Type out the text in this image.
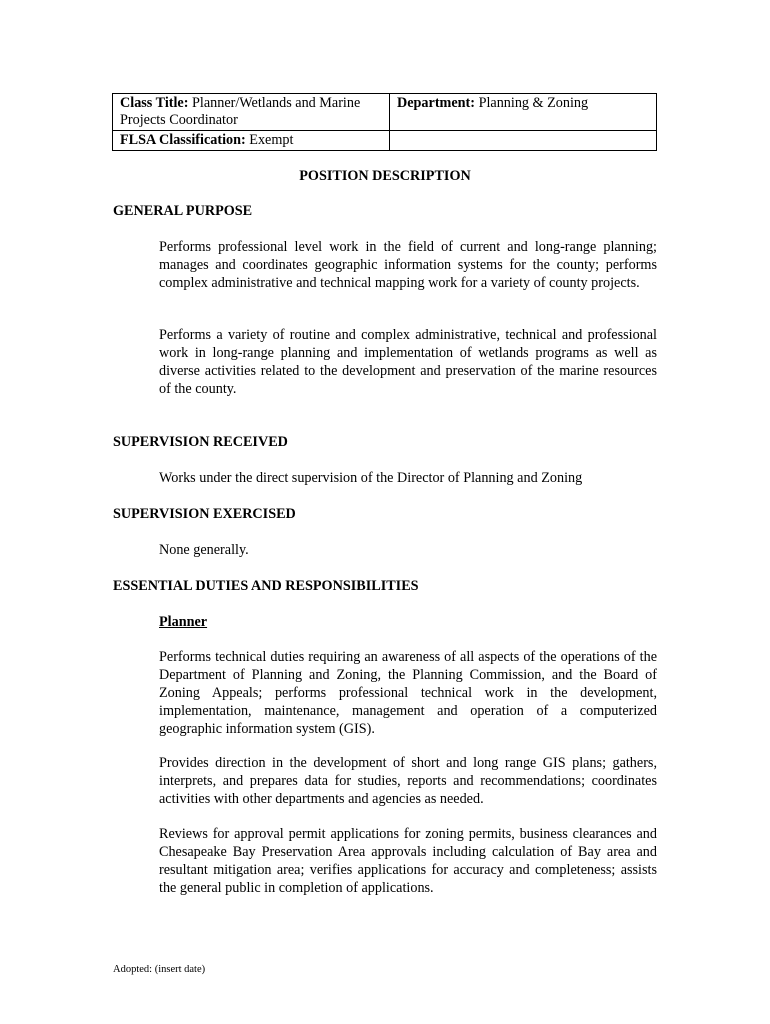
Class Title: Planner/Wetlands and Marine Projects Coordinator	Department: Planning & Zoning
FLSA Classification: Exempt	
POSITION DESCRIPTION
GENERAL PURPOSE
Performs professional level work in the field of current and long-range planning; manages and coordinates geographic information systems for the county; performs complex administrative and technical mapping work for a variety of county projects.
Performs a variety of routine and complex administrative, technical and professional work in long-range planning and implementation of wetlands programs as well as diverse activities related to the development and preservation of the marine resources of the county.
SUPERVISION RECEIVED
Works under the direct supervision of the Director of Planning and Zoning
SUPERVISION EXERCISED
None generally.
ESSENTIAL DUTIES AND RESPONSIBILITIES
Planner
Performs technical duties requiring an awareness of all aspects of the operations of the Department of Planning and Zoning, the Planning Commission, and the Board of Zoning Appeals; performs professional technical work in the development, implementation, maintenance, management and operation of a computerized geographic information system (GIS).
Provides direction in the development of short and long range GIS plans; gathers, interprets, and prepares data for studies, reports and recommendations; coordinates activities with other departments and agencies as needed.
Reviews for approval permit applications for zoning permits, business clearances and Chesapeake Bay Preservation Area approvals including calculation of Bay area and resultant mitigation area; verifies applications for accuracy and completeness; assists the general public in completion of applications.
Adopted: (insert date)
